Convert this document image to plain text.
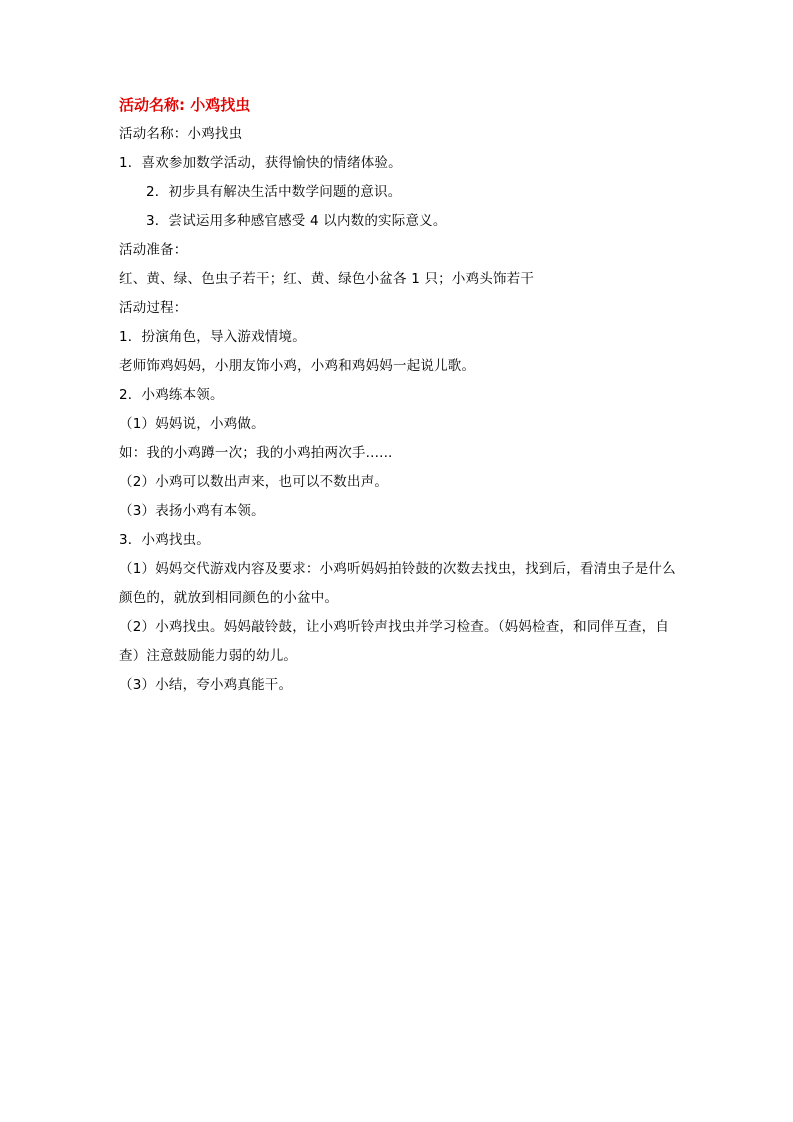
活动名称: 小鸡找虫
活动名称：小鸡找虫
1．喜欢参加数学活动，获得愉快的情绪体验。
2．初步具有解决生活中数学问题的意识。
3．尝试运用多种感官感受 4 以内数的实际意义。
活动准备：
红、黄、绿、色虫子若干；红、黄、绿色小盆各 1 只；小鸡头饰若干
活动过程：
1．扮演角色，导入游戏情境。
老师饰鸡妈妈，小朋友饰小鸡，小鸡和鸡妈妈一起说儿歌。
2．小鸡练本领。
（1）妈妈说，小鸡做。
如：我的小鸡蹲一次；我的小鸡拍两次手......
（2）小鸡可以数出声来，也可以不数出声。
（3）表扬小鸡有本领。
3．小鸡找虫。
（1）妈妈交代游戏内容及要求：小鸡听妈妈拍铃鼓的次数去找虫，找到后，看清虫子是什么颜色的，就放到相同颜色的小盆中。
（2）小鸡找虫。妈妈敲铃鼓，让小鸡听铃声找虫并学习检查。（妈妈检查，和同伴互查，自查）注意鼓励能力弱的幼儿。
（3）小结，夸小鸡真能干。
